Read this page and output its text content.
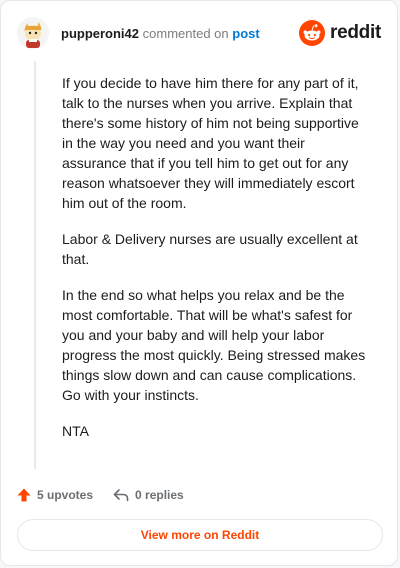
pupperoni42 commented on post	reddit

If you decide to have him there for any part of it, talk to the nurses when you arrive. Explain that there's some history of him not being supportive in the way you need and you want their assurance that if you tell him to get out for any reason whatsoever they will immediately escort him out of the room.

Labor & Delivery nurses are usually excellent at that.

In the end so what helps you relax and be the most comfortable. That will be what's safest for you and your baby and will help your labor progress the most quickly. Being stressed makes things slow down and can cause complications. Go with your instincts.

NTA

5 upvotes	0 replies
View more on Reddit
